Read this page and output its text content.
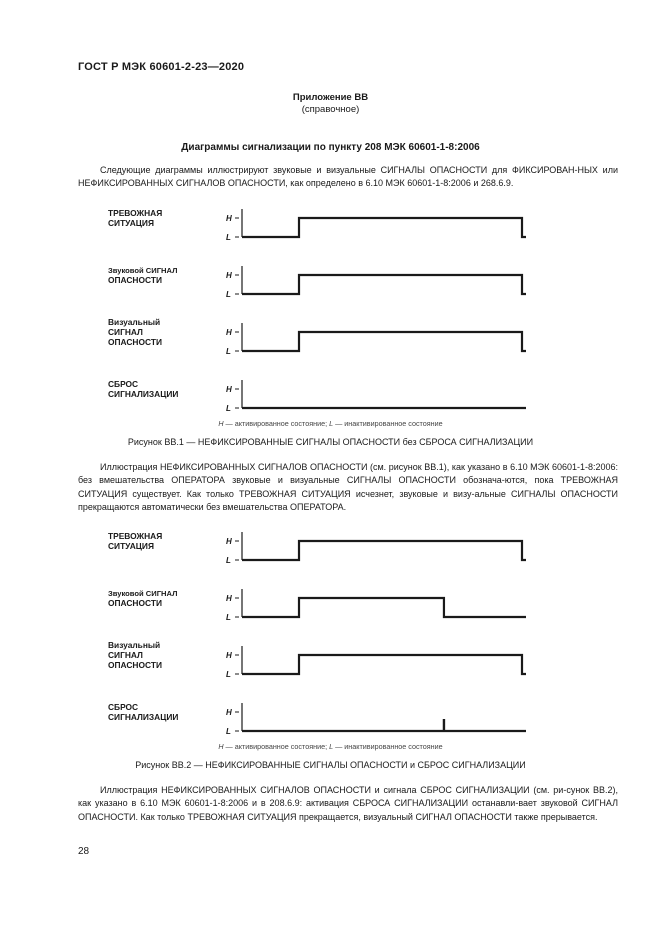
ГОСТ Р МЭК 60601-2-23—2020
Приложение ВВ
(справочное)
Диаграммы сигнализации по пункту 208 МЭК 60601-1-8:2006

Следующие диаграммы иллюстрируют звуковые и визуальные СИГНАЛЫ ОПАСНОСТИ для ФИКСИРОВАН-НЫХ или НЕФИКСИРОВАННЫХ СИГНАЛОВ ОПАСНОСТИ, как определено в 6.10 МЭК 60601-1-8:2006 и 268.6.9.

ТРЕВОЖНАЯ
СИТУАЦИЯ	H
L
Звуковой СИГНАЛ
ОПАСНОСТИ	H
L
Визуальный
СИГНАЛ
ОПАСНОСТИ
H
L
СБРОС
СИГНАЛИЗАЦИИ	H
L
H — активированное состояние; L — инактивированное состояние
Рисунок ВВ.1 — НЕФИКСИРОВАННЫЕ СИГНАЛЫ ОПАСНОСТИ без СБРОСА СИГНАЛИЗАЦИИ

Иллюстрация НЕФИКСИРОВАННЫХ СИГНАЛОВ ОПАСНОСТИ (см. рисунок ВВ.1), как указано в 6.10 МЭК 60601-1-8:2006: без вмешательства ОПЕРАТОРА звуковые и визуальные СИГНАЛЫ ОПАСНОСТИ обознача-ются, пока ТРЕВОЖНАЯ СИТУАЦИЯ существует. Как только ТРЕВОЖНАЯ СИТУАЦИЯ исчезнет, звуковые и визу-альные СИГНАЛЫ ОПАСНОСТИ прекращаются автоматически без вмешательства ОПЕРАТОРА.

ТРЕВОЖНАЯ
СИТУАЦИЯ	H
L
Звуковой СИГНАЛ
ОПАСНОСТИ	H
L
Визуальный
СИГНАЛ
ОПАСНОСТИ
H
L
СБРОС
СИГНАЛИЗАЦИИ	H
L
H — активированное состояние; L — инактивированное состояние
Рисунок ВВ.2 — НЕФИКСИРОВАННЫЕ СИГНАЛЫ ОПАСНОСТИ и СБРОС СИГНАЛИЗАЦИИ

Иллюстрация НЕФИКСИРОВАННЫХ СИГНАЛОВ ОПАСНОСТИ и сигнала СБРОС СИГНАЛИЗАЦИИ (см. ри-сунок ВВ.2), как указано в 6.10 МЭК 60601-1-8:2006 и в 208.6.9: активация СБРОСА СИГНАЛИЗАЦИИ останавли-вает звуковой СИГНАЛ ОПАСНОСТИ. Как только ТРЕВОЖНАЯ СИТУАЦИЯ прекращается, визуальный СИГНАЛ ОПАСНОСТИ также прерывается.

28
